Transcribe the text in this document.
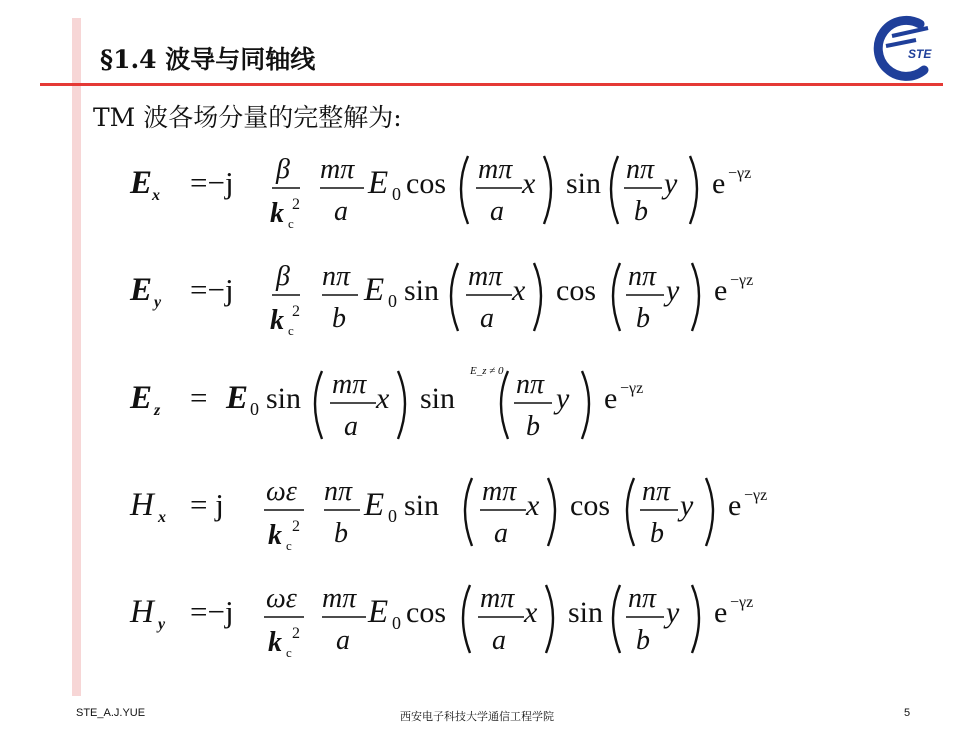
§1.4 波导与同轴线	STE
TM 波各场分量的完整解为:
E x =−j β
k c
2
mπ
a
E 0 cos mπ
a
x sin nπ
b
y e −γz
E y =−j β
k c
2
nπ
b
E 0 sin mπ
a
x cos nπ
b
y e −γz
E z = E 0 sin mπ
a
x sin
E_z ≠ 0 nπ
b
y e −γz
H x = j ωε
k c
2
nπ
b
E 0 sin mπ
a
x cos nπ
b
y e −γz
H y =−j ωε
k c
2
mπ
a
E 0 cos mπ
a
x sin nπ
b
y e −γz
STE_A.J.YUE	西安电子科技大学通信工程学院	5
